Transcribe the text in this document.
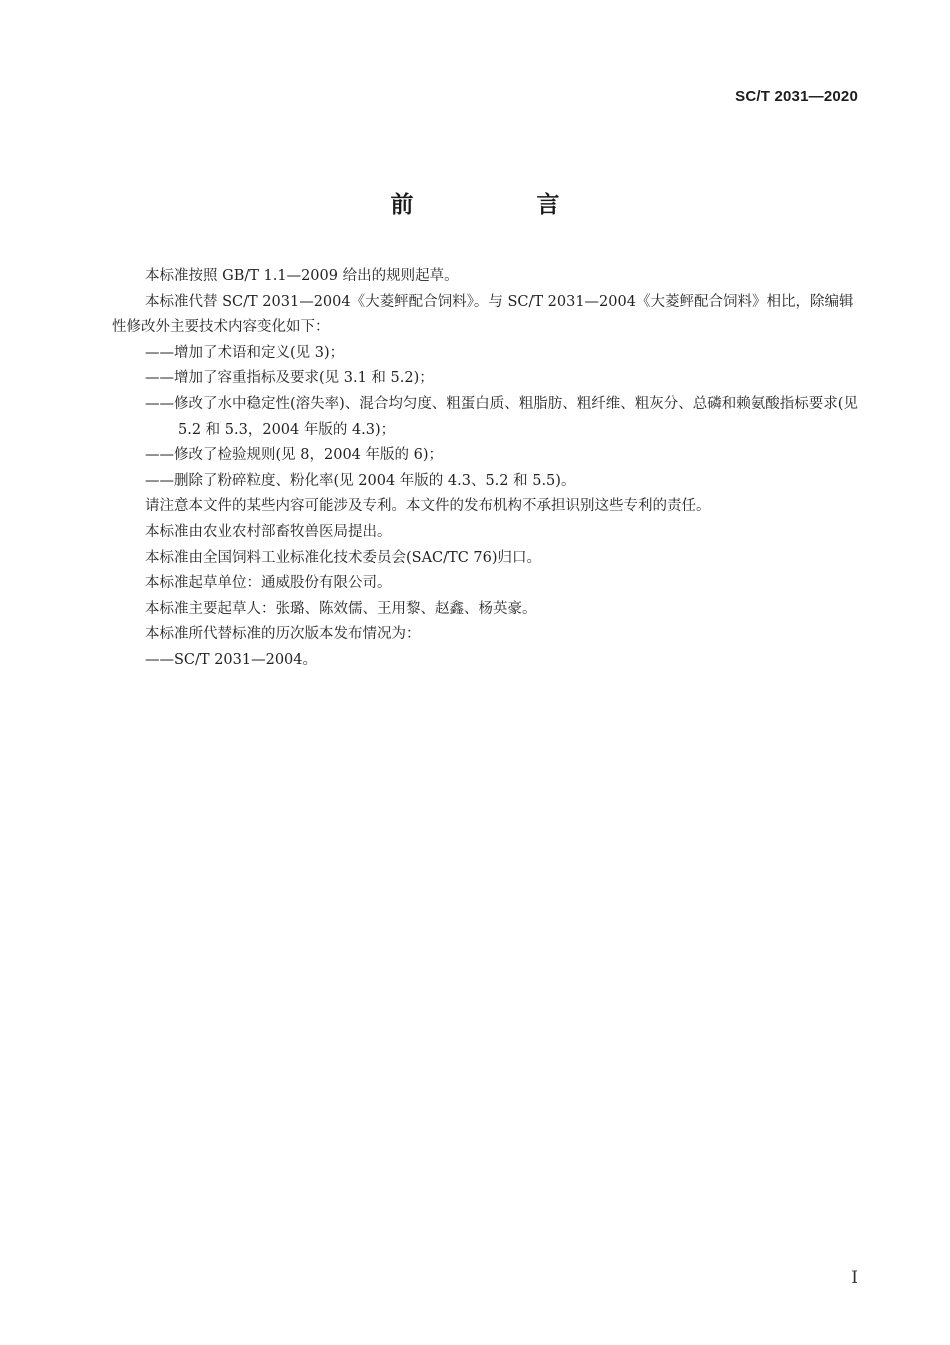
SC/T 2031—2020
前　言

本标准按照 GB/T 1.1—2009 给出的规则起草。

本标准代替 SC/T 2031—2004《大菱鲆配合饲料》。与 SC/T 2031—2004《大菱鲆配合饲料》相比，除编辑性修改外主要技术内容变化如下：

——增加了术语和定义(见 3)；

——增加了容重指标及要求(见 3.1 和 5.2)；

——修改了水中稳定性(溶失率)、混合均匀度、粗蛋白质、粗脂肪、粗纤维、粗灰分、总磷和赖氨酸指标要求(见 5.2 和 5.3，2004 年版的 4.3)；

——修改了检验规则(见 8，2004 年版的 6)；

——删除了粉碎粒度、粉化率(见 2004 年版的 4.3、5.2 和 5.5)。

请注意本文件的某些内容可能涉及专利。本文件的发布机构不承担识别这些专利的责任。

本标准由农业农村部畜牧兽医局提出。

本标准由全国饲料工业标准化技术委员会(SAC/TC 76)归口。

本标准起草单位：通威股份有限公司。

本标准主要起草人：张璐、陈效儒、王用黎、赵鑫、杨英豪。

本标准所代替标准的历次版本发布情况为：

——SC/T 2031—2004。

I
